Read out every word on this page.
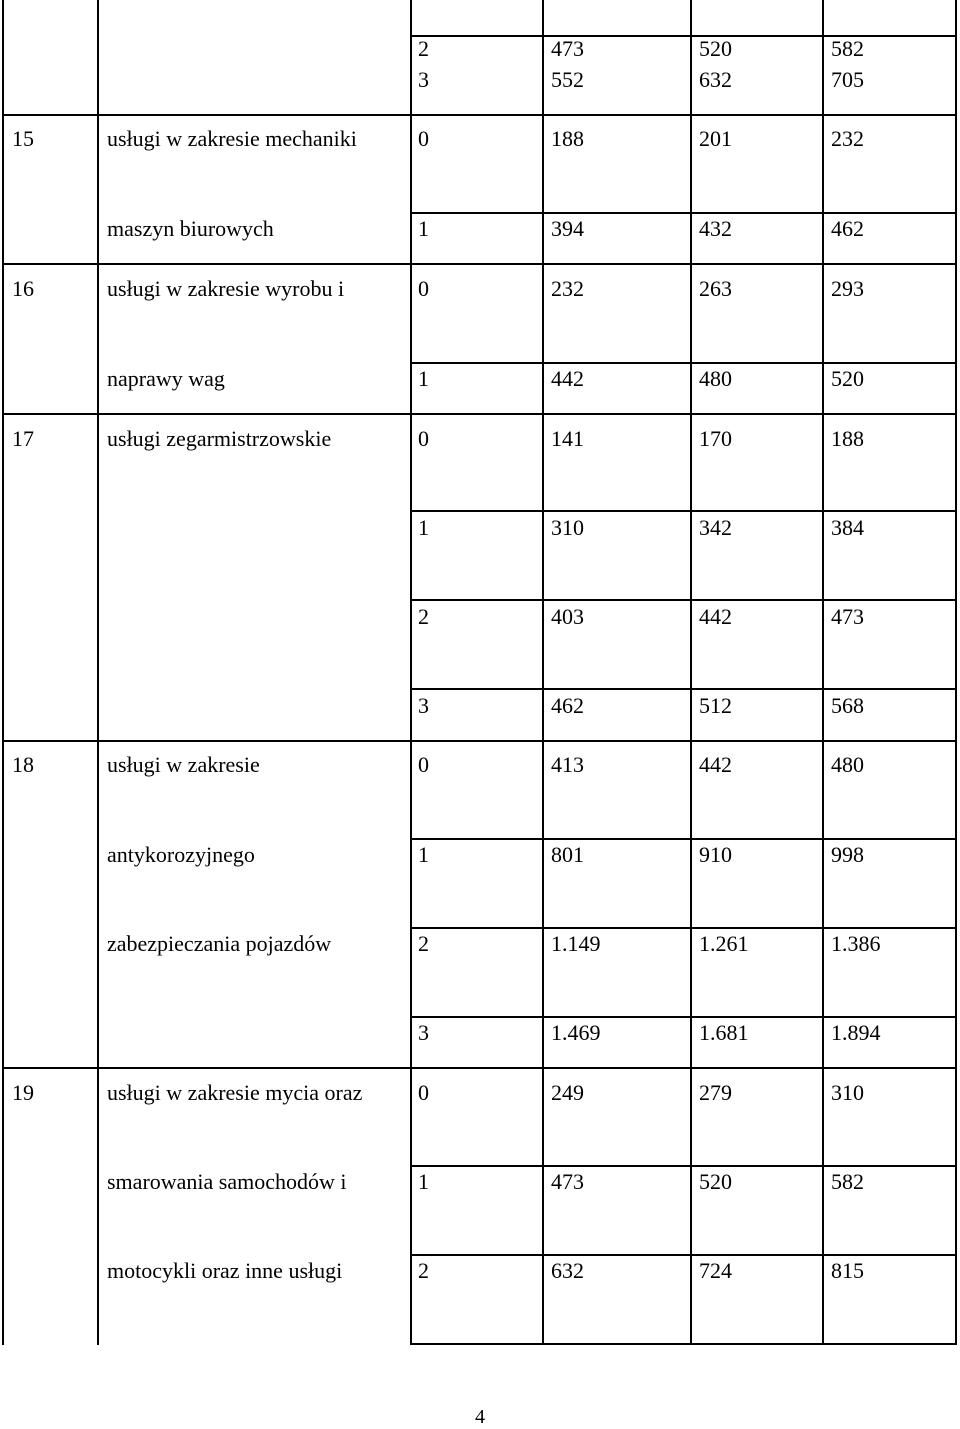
2	473	520	582
3	552	632	705
15	usługi w zakresie mechaniki	0	188	201	232
maszyn biurowych	1	394	432	462
16	usługi w zakresie wyrobu i	0	232	263	293
naprawy wag	1	442	480	520
17	usługi zegarmistrzowskie	0	141	170	188
1	310	342	384
2	403	442	473
3	462	512	568
18	usługi w zakresie	0	413	442	480
antykorozyjnego	1	801	910	998
zabezpieczania pojazdów	2	1.149	1.261	1.386
3	1.469	1.681	1.894
19	usługi w zakresie mycia oraz	0	249	279	310
smarowania samochodów i	1	473	520	582
motocykli oraz inne usługi	2	632	724	815
4
